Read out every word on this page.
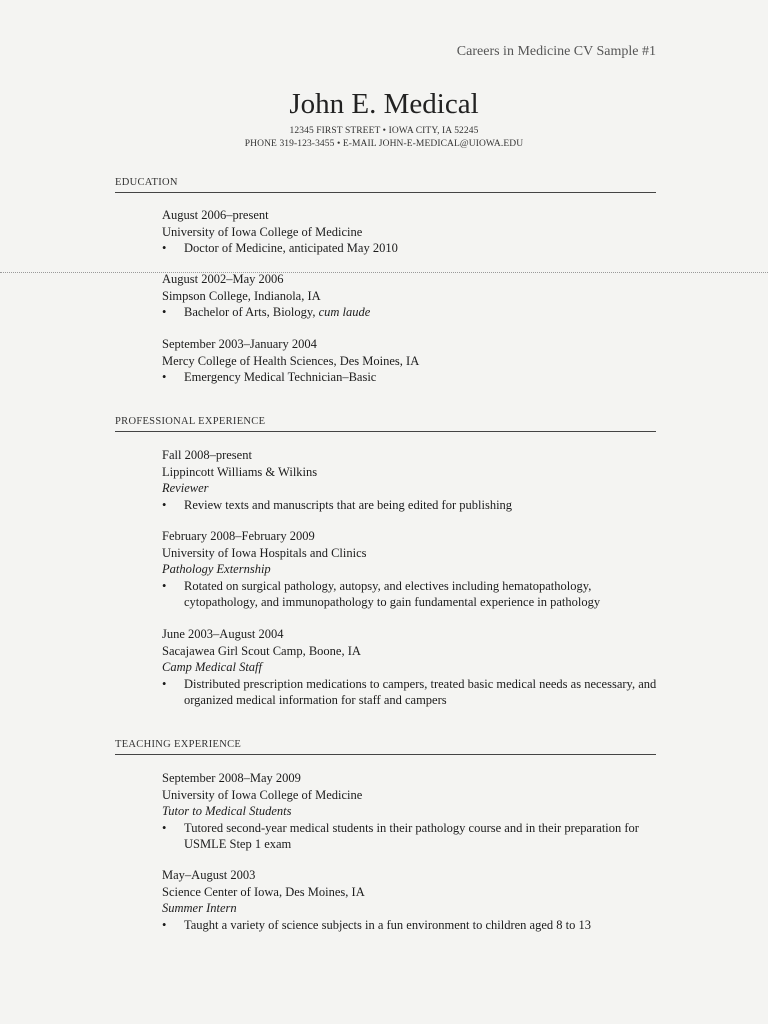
Careers in Medicine CV Sample #1
John E. Medical
12345 FIRST STREET • IOWA CITY, IA 52245
PHONE 319-123-3455 • E-MAIL JOHN-E-MEDICAL@UIOWA.EDU
EDUCATION
August 2006–present
University of Iowa College of Medicine
• Doctor of Medicine, anticipated May 2010
August 2002–May 2006
Simpson College, Indianola, IA
• Bachelor of Arts, Biology, cum laude
September 2003–January 2004
Mercy College of Health Sciences, Des Moines, IA
• Emergency Medical Technician–Basic
PROFESSIONAL EXPERIENCE
Fall 2008–present
Lippincott Williams & Wilkins
Reviewer
• Review texts and manuscripts that are being edited for publishing
February 2008–February 2009
University of Iowa Hospitals and Clinics
Pathology Externship
• Rotated on surgical pathology, autopsy, and electives including hematopathology, cytopathology, and immunopathology to gain fundamental experience in pathology
June 2003–August 2004
Sacajawea Girl Scout Camp, Boone, IA
Camp Medical Staff
• Distributed prescription medications to campers, treated basic medical needs as necessary, and organized medical information for staff and campers
TEACHING EXPERIENCE
September 2008–May 2009
University of Iowa College of Medicine
Tutor to Medical Students
• Tutored second-year medical students in their pathology course and in their preparation for USMLE Step 1 exam
May–August 2003
Science Center of Iowa, Des Moines, IA
Summer Intern
• Taught a variety of science subjects in a fun environment to children aged 8 to 13
